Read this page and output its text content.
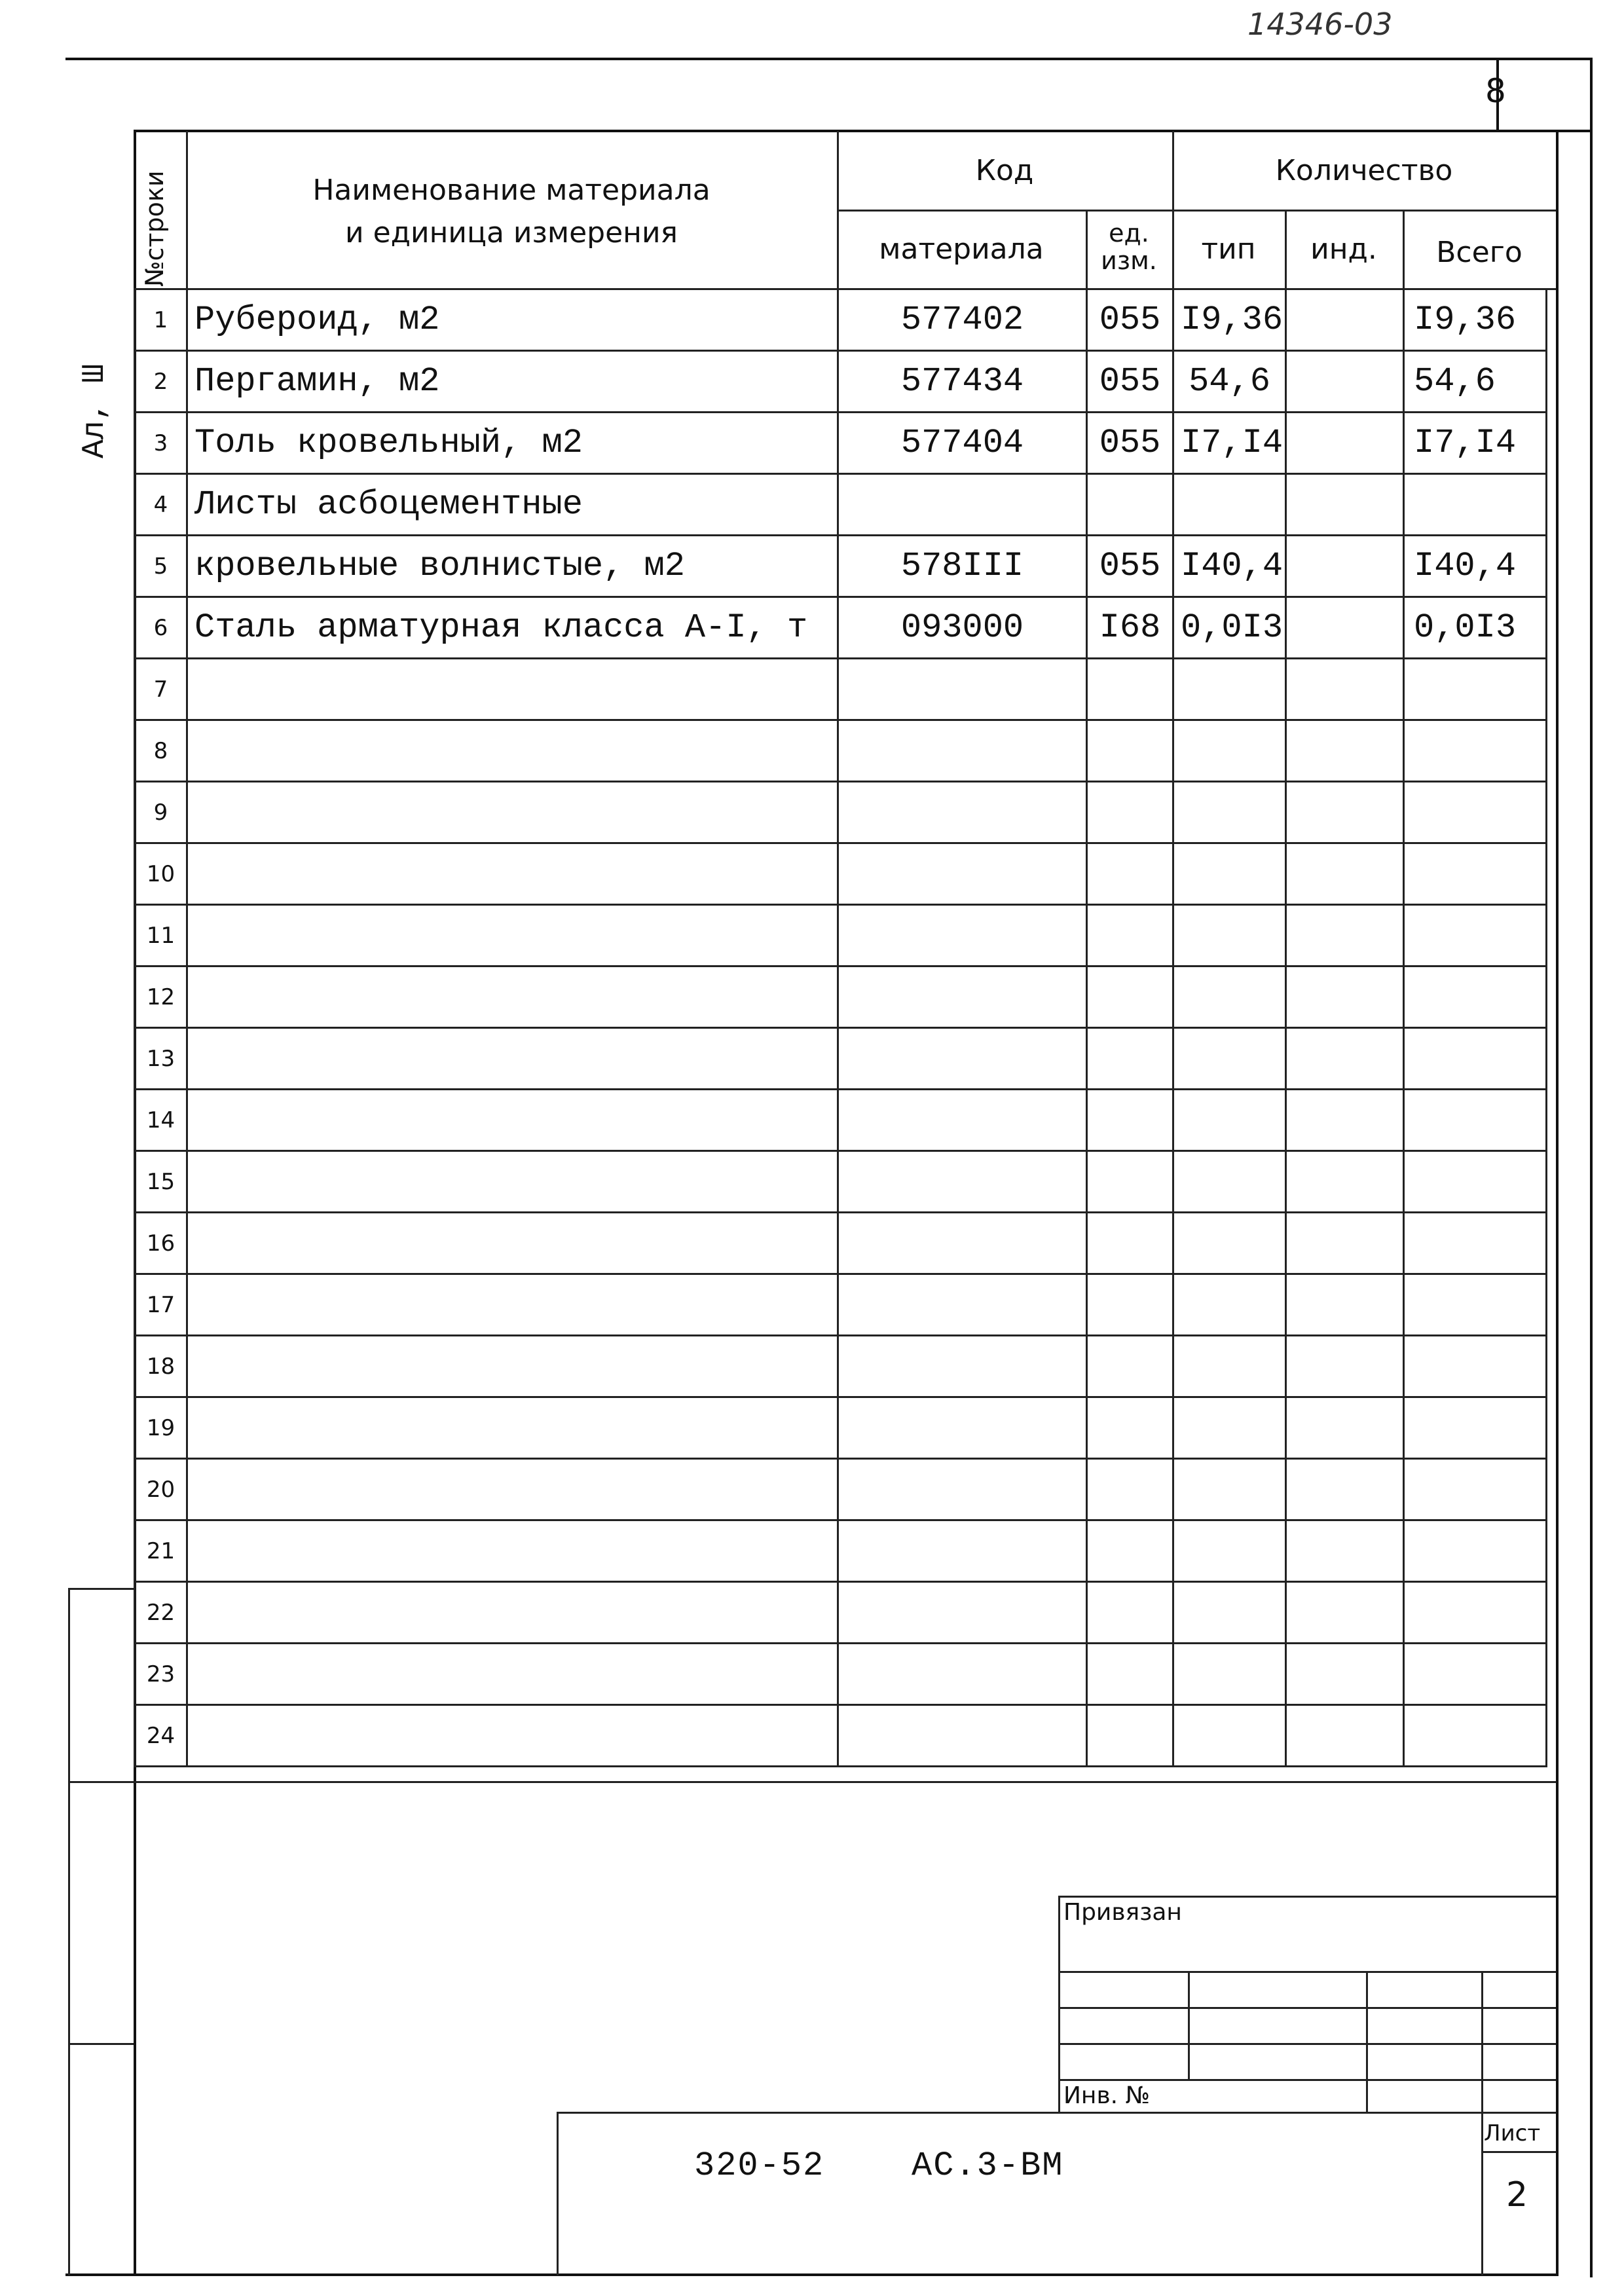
14346-03
8
Ал, Ш
№строки	Наименование материала
и единица измерения
Код
материала	ед. изм.
Количество
тип	инд.	Всего
1	Рубероид, м2	577402	055	I9,36		I9,36
2	Пергамин, м2	577434	055	54,6		54,6
3	Толь кровельный, м2	577404	055	I7,I4		I7,I4
4	Листы асбоцементные					
5	кровельные волнистые, м2	578III	055	I40,4		I40,4
6	Сталь арматурная класса А-I, т	093000	I68	0,0I3		0,0I3
7						
8						
9						
10						
11						
12						
13						
14						
15						
16						
17						
18						
19						
20						
21						
22						
23						
24						
Привязан
Инв. №
Лист
2
320-52    АС.3-ВМ
